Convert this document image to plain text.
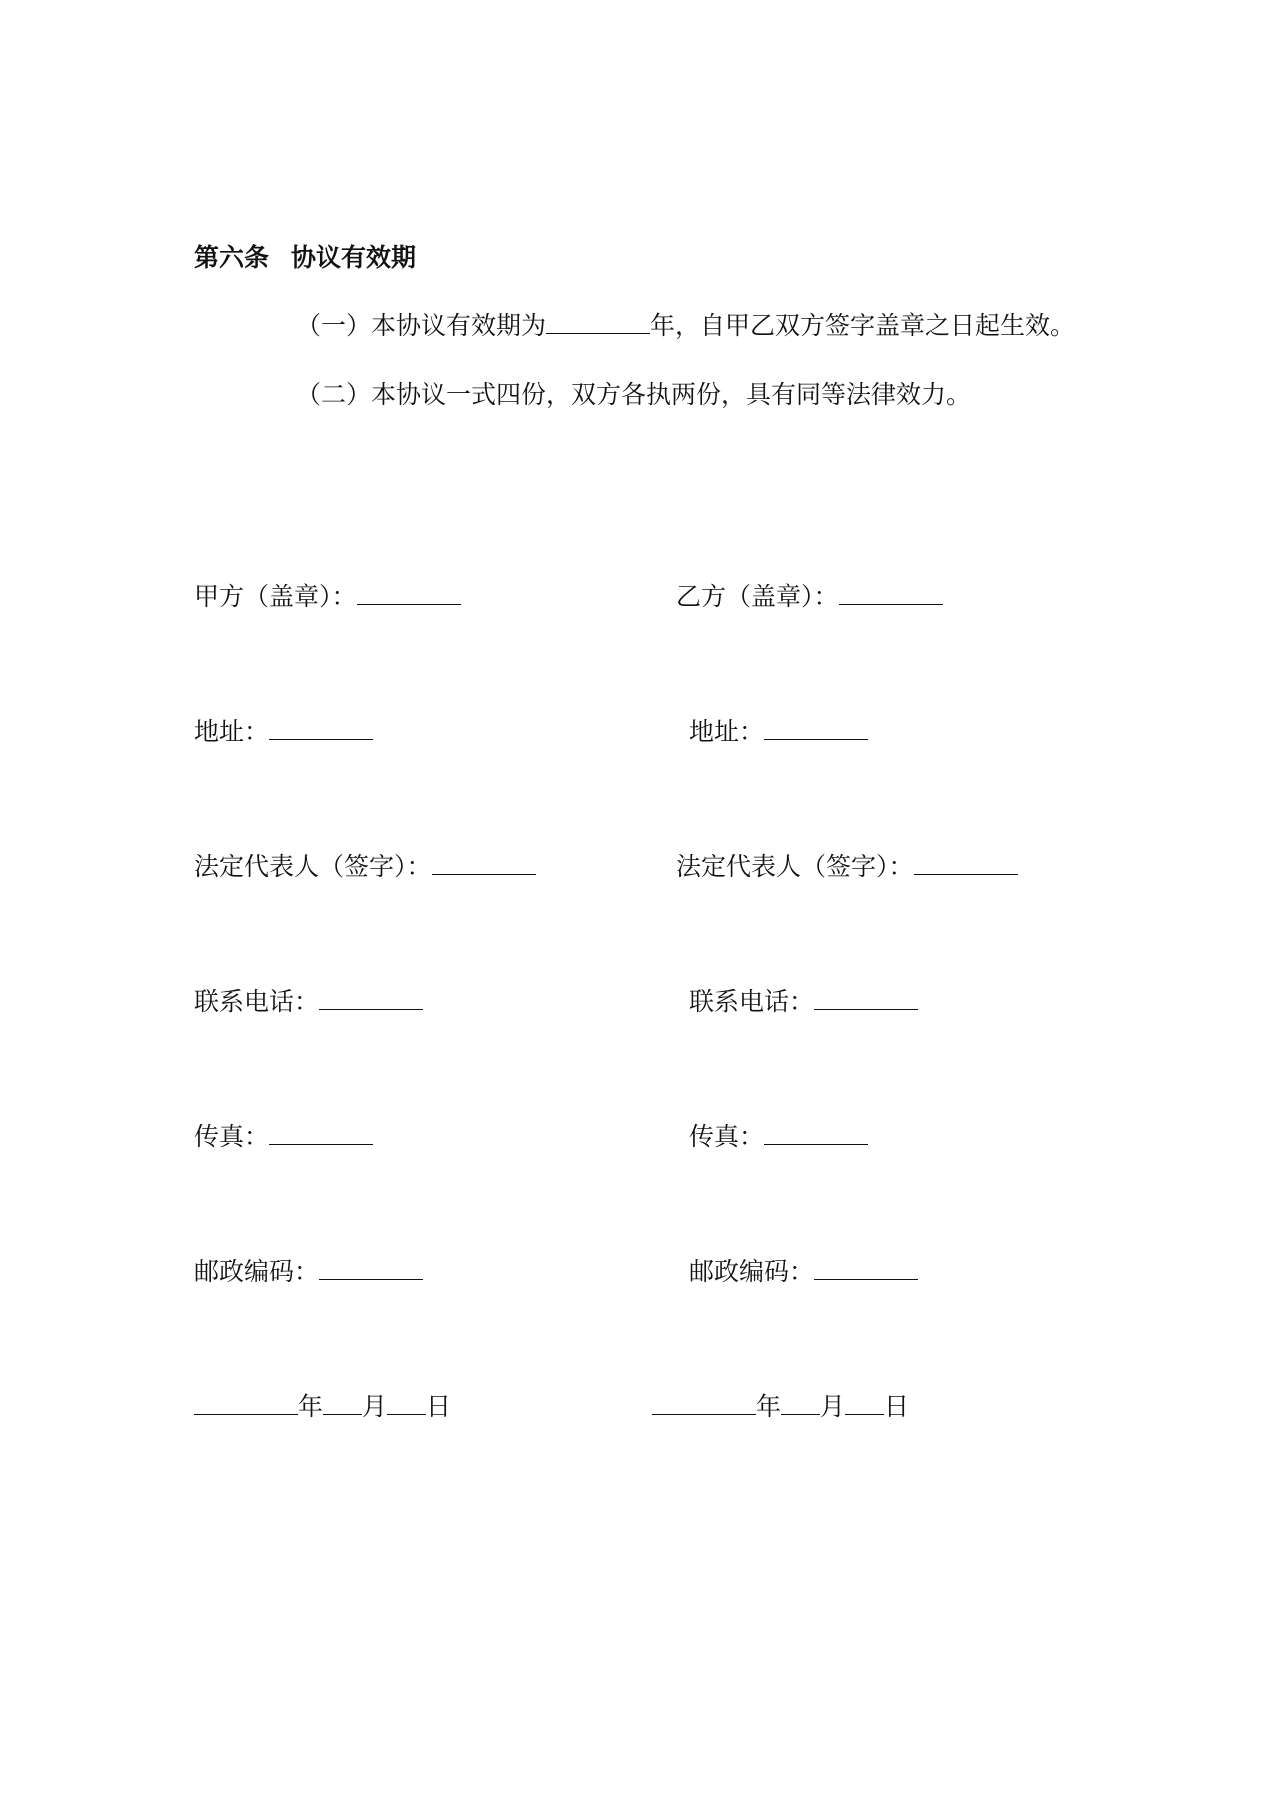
第六条 协议有效期
（一）本协议有效期为	年，自甲乙双方签字盖章之日起生效。
（二）本协议一式四份，双方各执两份，具有同等法律效力。
甲方（盖章）：
地址：
法定代表人（签字）：
联系电话：
传真：
邮政编码：
年 月 日
乙方（盖章）：
地址：
法定代表人（签字）：
联系电话：
传真：
邮政编码：
年 月 日
